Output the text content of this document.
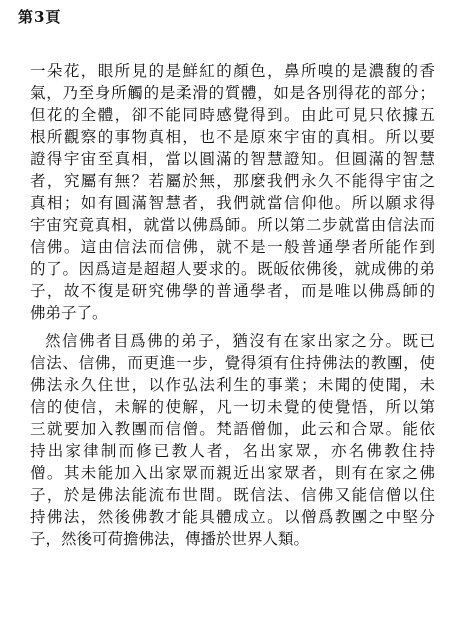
第3頁
一朵花，眼所見的是鮮紅的顏色，鼻所嗅的是濃馥的香
氣，乃至身所觸的是柔滑的質體，如是各別得花的部分；
但花的全體，卻不能同時感覺得到。由此可見只依據五
根所觀察的事物真相，也不是原來宇宙的真相。所以要
證得宇宙至真相，當以圓滿的智慧證知。但圓滿的智慧
者，究屬有無？若屬於無，那麼我們永久不能得宇宙之
真相；如有圓滿智慧者，我們就當信仰他。所以願求得
宇宙究竟真相，就當以佛爲師。所以第二步就當由信法而
信佛。這由信法而信佛，就不是一般普通學者所能作到
的了。因爲這是超超人要求的。既皈依佛後，就成佛的弟
子，故不復是研究佛學的普通學者，而是唯以佛爲師的
佛弟子了。
然信佛者目爲佛的弟子，猶沒有在家出家之分。既已
信法、信佛，而更進一步，覺得須有住持佛法的教團，使
佛法永久住世，以作弘法利生的事業；未聞的使聞，未
信的使信，未解的使解，凡一切未覺的使覺悟，所以第
三就要加入教團而信僧。梵語僧伽，此云和合眾。能依
持出家律制而修已教人者，名出家眾，亦名佛教住持
僧。其未能加入出家眾而親近出家眾者，則有在家之佛
子，於是佛法能流布世間。既信法、信佛又能信僧以住
持佛法，然後佛教才能具體成立。以僧爲教團之中堅分
子，然後可荷擔佛法，傳播於世界人類。
